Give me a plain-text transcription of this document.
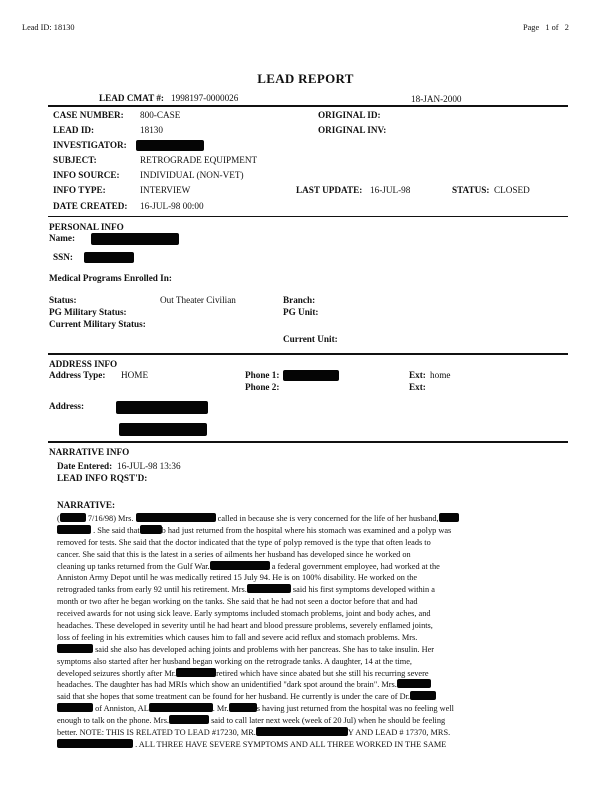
Lead ID: 18130	Page   1 of   2
LEAD REPORT
LEAD CMAT #: 1998197-0000026	18-JAN-2000
CASE NUMBER: 800-CASE
LEAD ID:	18130
INVESTIGATOR:
SUBJECT:	RETROGRADE EQUIPMENT
INFO SOURCE: INDIVIDUAL (NON-VET)
INFO TYPE:	INTERVIEW
DATE CREATED: 16-JUL-98 00:00
ORIGINAL ID:
ORIGINAL INV:
LAST UPDATE: 16-JUL-98	STATUS: CLOSED
PERSONAL INFO
Name:
SSN:
Medical Programs Enrolled In:
Status:	Out Theater Civilian
PG Military Status:
Current Military Status:
Branch:
PG Unit:
Current Unit:
ADDRESS INFO
Address Type: HOME	Phone 1:
Phone 2:
Ext: home
Ext:
Address:
NARRATIVE INFO
Date Entered: 16-JUL-98 13:36
LEAD INFO RQST'D:
NARRATIVE:
(	7/16/98) Mrs.	called in because she is very concerned for the life of her husband,
. She said that	b had just returned from the hospital where his stomach was examined and a polyp was
removed for tests. She said that the doctor indicated that the type of polyp removed is the type that often leads to
cancer. She said that this is the latest in a series of ailments her husband has developed since he worked on
cleaning up tanks returned from the Gulf War.	a federal government employee, had worked at the
Anniston Army Depot until he was medically retired 15 July 94. He is on 100% disability. He worked on the
retrograded tanks from early 92 until his retirement. Mrs.	said his first symptoms developed within a
month or two after he began working on the tanks. She said that he had not seen a doctor before that and had
received awards for not using sick leave. Early symptoms included stomach problems, joint and body aches, and
headaches. These developed in severity until he had heart and blood pressure problems, severely enflamed joints,
loss of feeling in his extremities which causes him to fall and severe acid reflux and stomach problems. Mrs.
said she also has developed aching joints and problems with her pancreas. She has to take insulin. Her
symptoms also started after her husband began working on the retrograde tanks. A daughter, 14 at the time,
developed seizures shortly after Mr.	retired which have since abated but she still his recurring severe
headaches. The daughter has had MRIs which show an unidentified "dark spot around the brain". Mrs.
said that she hopes that some treatment can be found for her husband. He currently is under the care of Dr.
of Anniston, AL	. Mr.	s having just returned from the hospital was no feeling well
enough to talk on the phone. Mrs.	said to call later next week (week of 20 Jul) when he should be feeling
better. NOTE: THIS IS RELATED TO LEAD #17230, MR.	Y AND LEAD # 17370, MRS.
. ALL THREE HAVE SEVERE SYMPTOMS AND ALL THREE WORKED IN THE SAME
